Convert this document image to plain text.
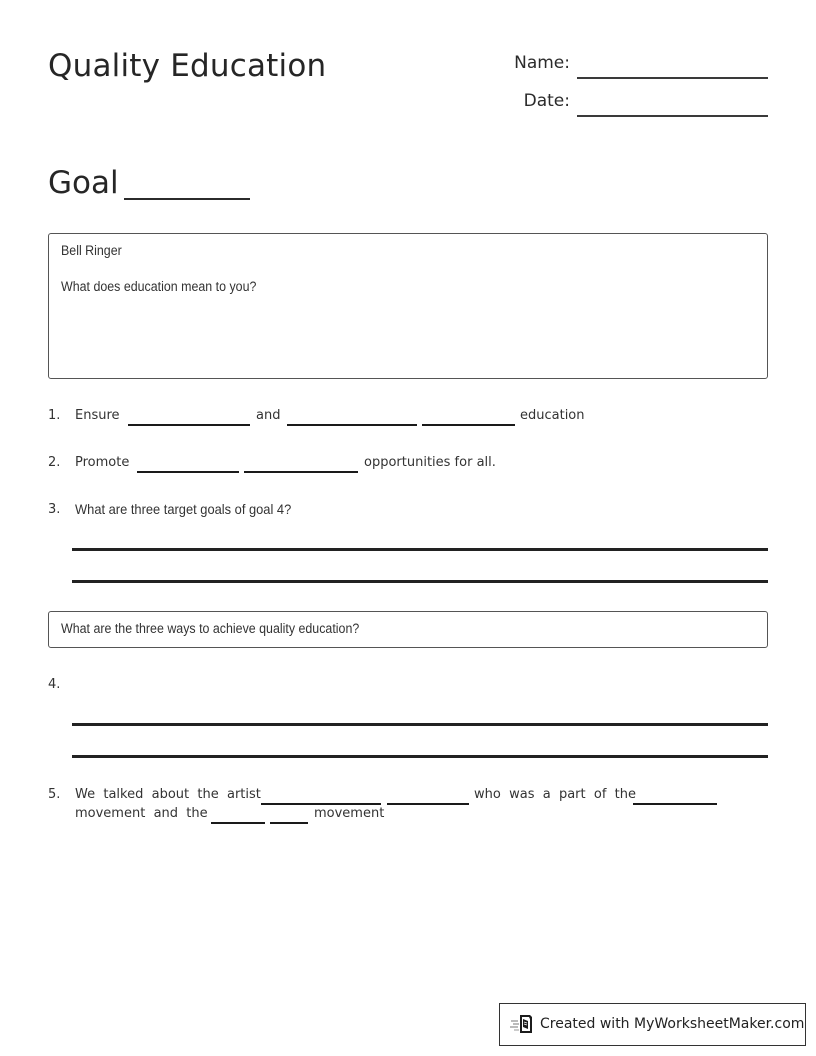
Quality Education	Name:
Date:
Goal
Bell Ringer
What does education mean to you?
1. Ensure	and	education
2. Promote	opportunities for all.
3. What are three target goals of goal 4?
What are the three ways to achieve quality education?
4.
5. We  talked  about  the  artist	who  was  a  part  of  the
movement  and  the	movement
Created with MyWorksheetMaker.com
